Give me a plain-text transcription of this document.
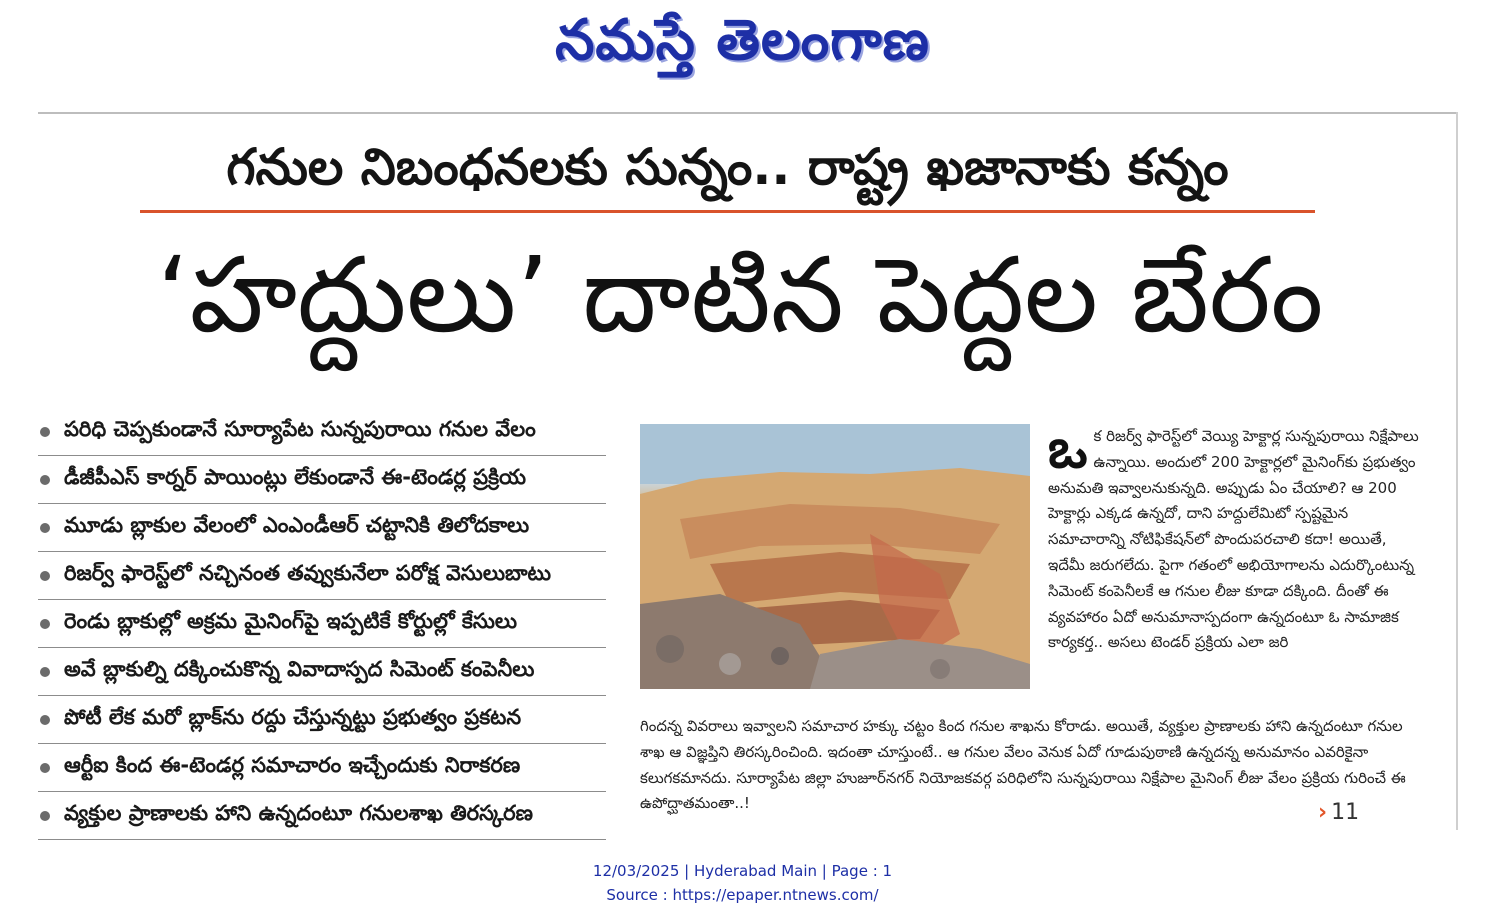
నమస్తే తెలంగాణ
గనుల నిబంధనలకు సున్నం.. రాష్ట్ర ఖజానాకు కన్నం
‘హద్దులు’ దాటిన పెద్దల బేరం
పరిధి చెప్పకుండానే సూర్యాపేట సున్నపురాయి గనుల వేలం
డీజీపీఎస్ కార్నర్ పాయింట్లు లేకుండానే ఈ-టెండర్ల ప్రక్రియ
మూడు బ్లాకుల వేలంలో ఎంఎండీఆర్ చట్టానికి తిలోదకాలు
రిజర్వ్ ఫారెస్ట్‌లో నచ్చినంత తవ్వుకునేలా పరోక్ష వెసులుబాటు
రెండు బ్లాకుల్లో అక్రమ మైనింగ్‌పై ఇప్పటికే కోర్టుల్లో కేసులు
అవే బ్లాకుల్ని దక్కించుకొన్న వివాదాస్పద సిమెంట్ కంపెనీలు
పోటీ లేక మరో బ్లాక్‌ను రద్దు చేస్తున్నట్టు ప్రభుత్వం ప్రకటన
ఆర్టీఐ కింద ఈ-టెండర్ల సమాచారం ఇచ్చేందుకు నిరాకరణ
వ్యక్తుల ప్రాణాలకు హాని ఉన్నదంటూ గనులశాఖ తిరస్కరణ
ఒక రిజర్వ్ ఫారెస్ట్‌లో వెయ్యి హెక్టార్ల సున్నపురాయి నిక్షేపాలు ఉన్నాయి. అందులో 200 హెక్టార్లలో మైనింగ్‌కు ప్రభుత్వం అనుమతి ఇవ్వాలనుకున్నది. అప్పుడు ఏం చేయాలి? ఆ 200 హెక్టార్లు ఎక్కడ ఉన్నదో, దాని హద్దులేమిటో స్పష్టమైన సమాచారాన్ని నోటిఫికేషన్‌లో పొందుపరచాలి కదా! అయితే, ఇదేమీ జరుగలేదు. పైగా గతంలో అభియోగాలను ఎదుర్కొంటున్న సిమెంట్ కంపెనీలకే ఆ గనుల లీజు కూడా దక్కింది. దీంతో ఈ వ్యవహారం ఏదో అనుమానాస్పదంగా ఉన్నదంటూ ఓ సామాజిక కార్యకర్త.. అసలు టెండర్ ప్రక్రియ ఎలా జరి
గిందన్న వివరాలు ఇవ్వాలని సమాచార హక్కు చట్టం కింద గనుల శాఖను కోరాడు. అయితే, వ్యక్తుల ప్రాణాలకు హాని ఉన్నదంటూ గనుల శాఖ ఆ విజ్ఞప్తిని తిరస్కరించింది. ఇదంతా చూస్తుంటే.. ఆ గనుల వేలం వెనుక ఏదో గూడుపుఠాణి ఉన్నదన్న అనుమానం ఎవరికైనా కలుగకమానదు. సూర్యాపేట జిల్లా హుజూర్‌నగర్ నియోజకవర్గ పరిధిలోని సున్నపురాయి నిక్షేపాల మైనింగ్ లీజు వేలం ప్రక్రియ గురించే ఈ ఉపోద్ఘాతమంతా..!	› 11
12/03/2025 | Hyderabad Main | Page : 1
Source : https://epaper.ntnews.com/
